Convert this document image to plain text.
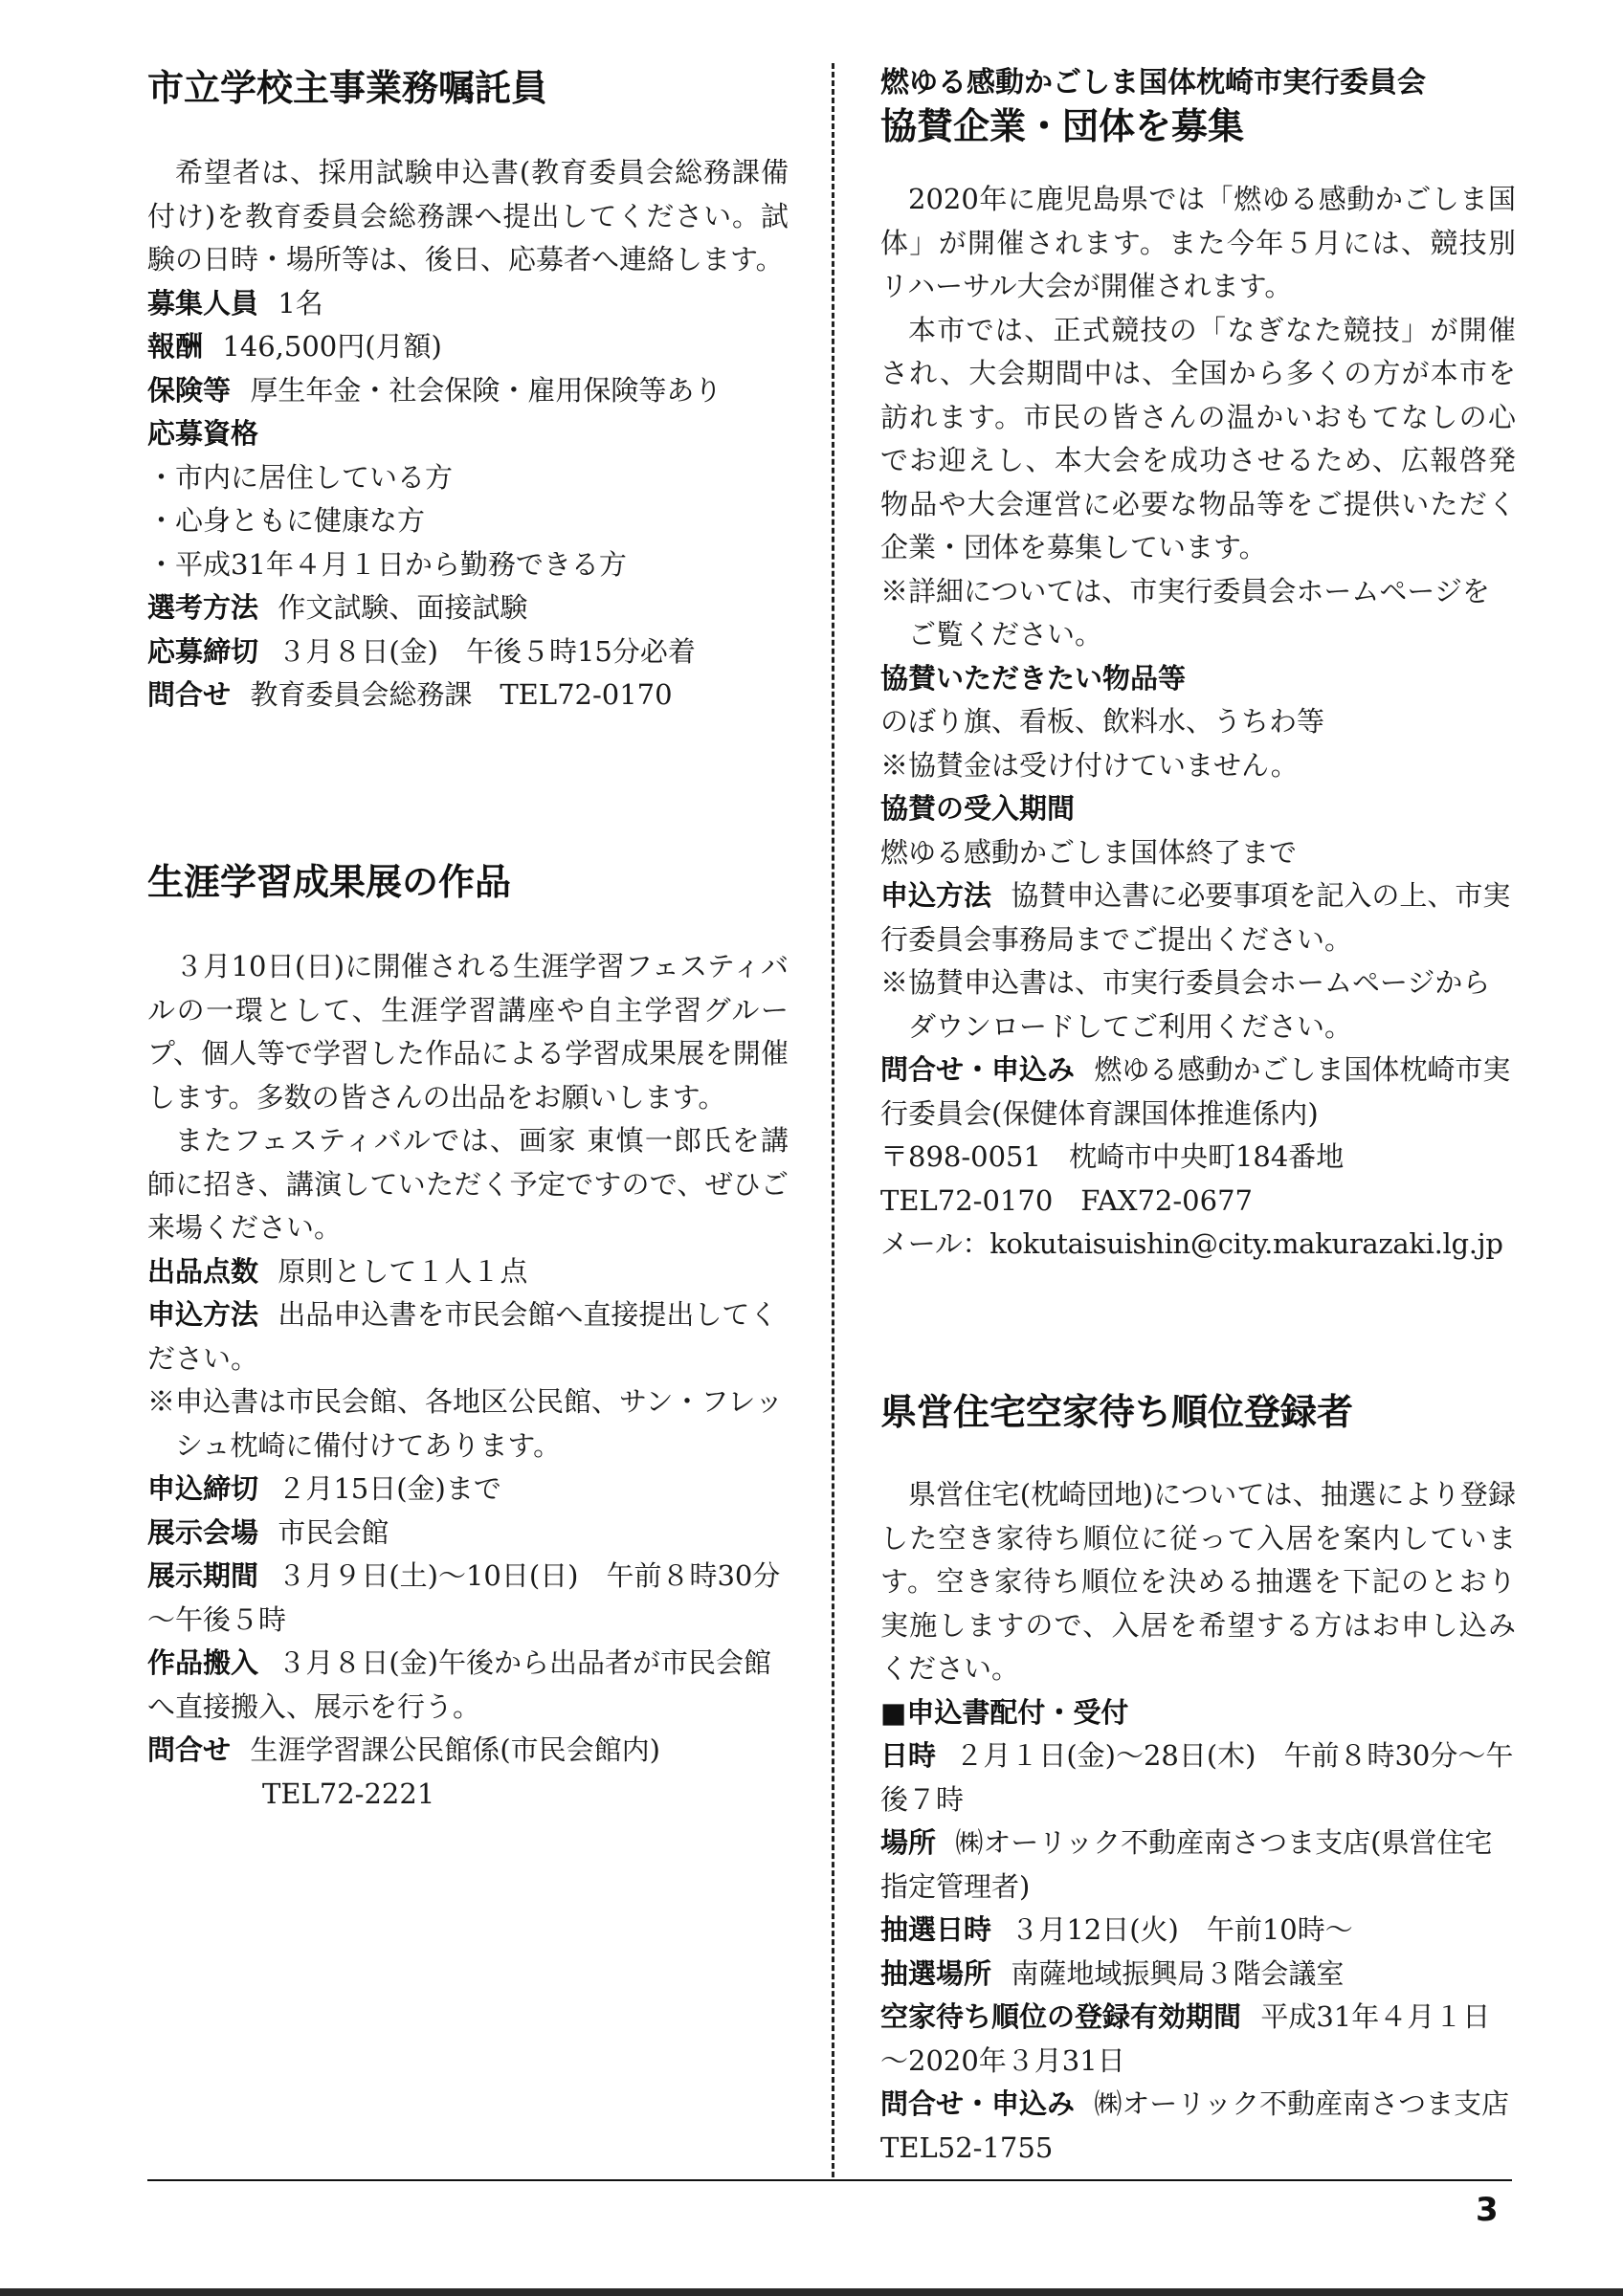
市立学校主事業務嘱託員

希望者は、採用試験申込書(教育委員会総務課備付け)を教育委員会総務課へ提出してください。試験の日時・場所等は、後日、応募者へ連絡します。

募集人員 1名

報酬 146,500円(月額)

保険等 厚生年金・社会保険・雇用保険等あり

応募資格

・市内に居住している方

・心身ともに健康な方

・平成31年４月１日から勤務できる方

選考方法 作文試験、面接試験

応募締切 ３月８日(金)　午後５時15分必着

問合せ 教育委員会総務課　TEL72-0170

生涯学習成果展の作品

３月10日(日)に開催される生涯学習フェスティバルの一環として、生涯学習講座や自主学習グループ、個人等で学習した作品による学習成果展を開催します。多数の皆さんの出品をお願いします。

またフェスティバルでは、画家 東慎一郎氏を講師に招き、講演していただく予定ですので、ぜひご来場ください。

出品点数 原則として１人１点

申込方法 出品申込書を市民会館へ直接提出してください。

※申込書は市民会館、各地区公民館、サン・フレッシュ枕崎に備付けてあります。

申込締切 ２月15日(金)まで

展示会場 市民会館

展示期間 ３月９日(土)～10日(日)　午前８時30分～午後５時

作品搬入 ３月８日(金)午後から出品者が市民会館へ直接搬入、展示を行う。

問合せ 生涯学習課公民館係(市民会館内)

TEL72-2221

燃ゆる感動かごしま国体枕崎市実行委員会

協賛企業・団体を募集

2020年に鹿児島県では「燃ゆる感動かごしま国体」が開催されます。また今年５月には、競技別リハーサル大会が開催されます。

本市では、正式競技の「なぎなた競技」が開催され、大会期間中は、全国から多くの方が本市を訪れます。市民の皆さんの温かいおもてなしの心でお迎えし、本大会を成功させるため、広報啓発物品や大会運営に必要な物品等をご提供いただく企業・団体を募集しています。

※詳細については、市実行委員会ホームページをご覧ください。

協賛いただきたい物品等

のぼり旗、看板、飲料水、うちわ等

※協賛金は受け付けていません。

協賛の受入期間

燃ゆる感動かごしま国体終了まで

申込方法 協賛申込書に必要事項を記入の上、市実行委員会事務局までご提出ください。

※協賛申込書は、市実行委員会ホームページからダウンロードしてご利用ください。

問合せ・申込み 燃ゆる感動かごしま国体枕崎市実行委員会(保健体育課国体推進係内)

〒898-0051　枕崎市中央町184番地

TEL72-0170　FAX72-0677

メール：kokutaisuishin@city.makurazaki.lg.jp

県営住宅空家待ち順位登録者

県営住宅(枕崎団地)については、抽選により登録した空き家待ち順位に従って入居を案内しています。空き家待ち順位を決める抽選を下記のとおり実施しますので、入居を希望する方はお申し込みください。

■申込書配付・受付

日時 ２月１日(金)～28日(木)　午前８時30分～午後７時

場所 ㈱オーリック不動産南さつま支店(県営住宅指定管理者)

抽選日時 ３月12日(火)　午前10時～

抽選場所 南薩地域振興局３階会議室

空家待ち順位の登録有効期間 平成31年４月１日～2020年３月31日

問合せ・申込み ㈱オーリック不動産南さつま支店　TEL52-1755

3
